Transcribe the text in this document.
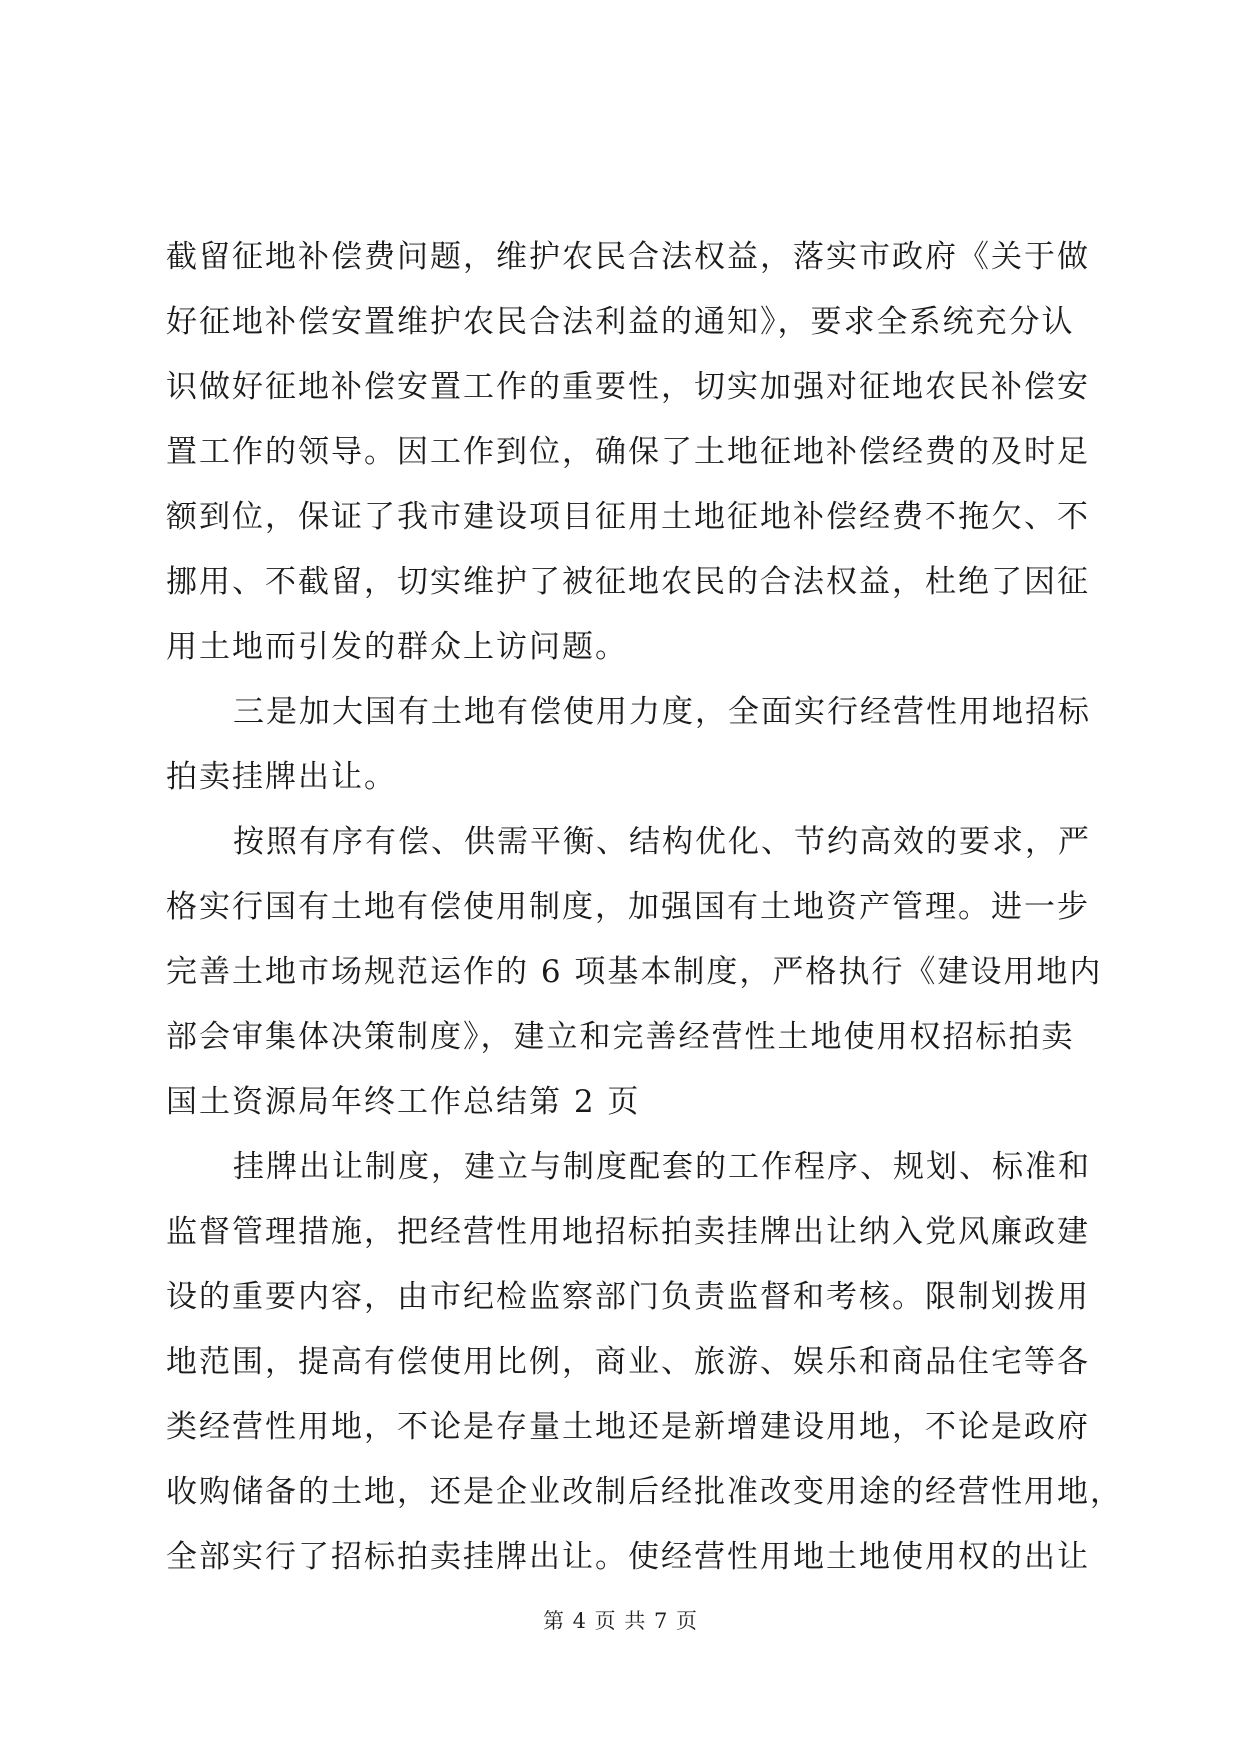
截留征地补偿费问题，维护农民合法权益，落实市政府《关于做
好征地补偿安置维护农民合法利益的通知》，要求全系统充分认
识做好征地补偿安置工作的重要性，切实加强对征地农民补偿安
置工作的领导。因工作到位，确保了土地征地补偿经费的及时足
额到位，保证了我市建设项目征用土地征地补偿经费不拖欠、不
挪用、不截留，切实维护了被征地农民的合法权益，杜绝了因征
用土地而引发的群众上访问题。
三是加大国有土地有偿使用力度，全面实行经营性用地招标
拍卖挂牌出让。
按照有序有偿、供需平衡、结构优化、节约高效的要求，严
格实行国有土地有偿使用制度，加强国有土地资产管理。进一步
完善土地市场规范运作的 6 项基本制度，严格执行《建设用地内
部会审集体决策制度》，建立和完善经营性土地使用权招标拍卖
国土资源局年终工作总结第 2 页
挂牌出让制度，建立与制度配套的工作程序、规划、标准和
监督管理措施，把经营性用地招标拍卖挂牌出让纳入党风廉政建
设的重要内容，由市纪检监察部门负责监督和考核。限制划拨用
地范围，提高有偿使用比例，商业、旅游、娱乐和商品住宅等各
类经营性用地，不论是存量土地还是新增建设用地，不论是政府
收购储备的土地，还是企业改制后经批准改变用途的经营性用地，
全部实行了招标拍卖挂牌出让。使经营性用地土地使用权的出让
第 4 页 共 7 页
